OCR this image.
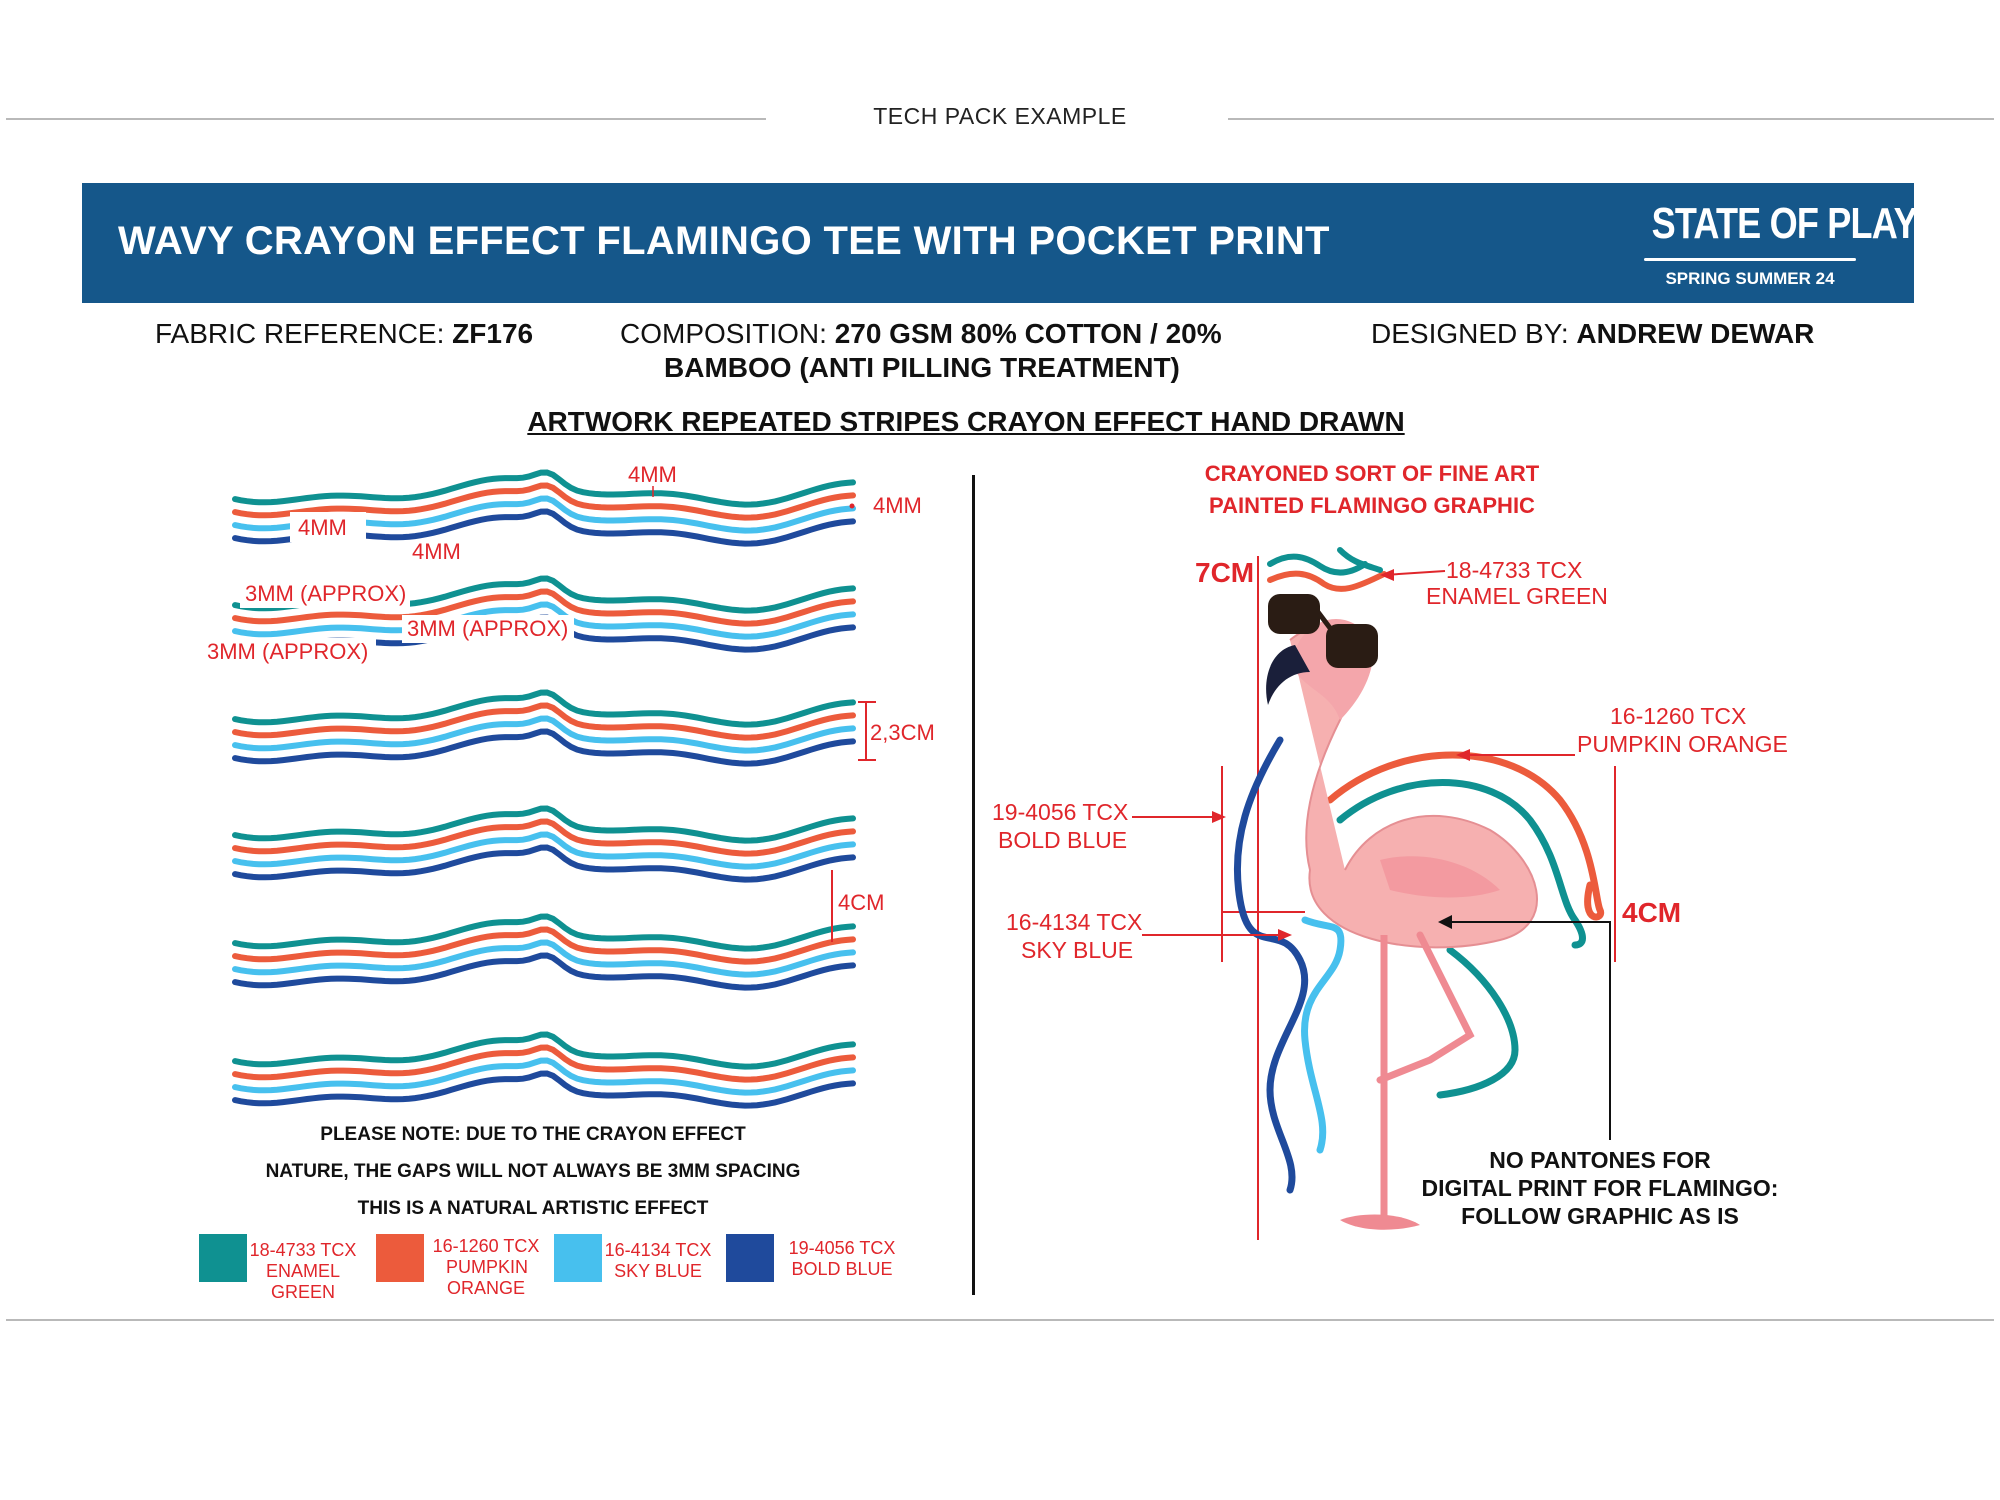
TECH PACK EXAMPLE
WAVY CRAYON EFFECT FLAMINGO TEE WITH POCKET PRINT	STATE OF PLAY
SPRING SUMMER 24
FABRIC REFERENCE: ZF176	COMPOSITION: 270 GSM 80% COTTON / 20%
BAMBOO (ANTI PILLING TREATMENT)
DESIGNED BY: ANDREW DEWAR
ARTWORK REPEATED STRIPES CRAYON EFFECT HAND DRAWN
4MM
4MM
4MM
4MM
3MM (APPROX)
3MM (APPROX)
3MM (APPROX)
2,3CM
4CM
CRAYONED SORT OF FINE ART
PAINTED FLAMINGO GRAPHIC
7CM
4CM
18-4733 TCX
ENAMEL GREEN
16-1260 TCX
PUMPKIN ORANGE
19-4056 TCX
BOLD BLUE
16-4134 TCX
SKY BLUE
PLEASE NOTE: DUE TO THE CRAYON EFFECT
NATURE, THE GAPS WILL NOT ALWAYS BE 3MM SPACING
THIS IS A NATURAL ARTISTIC EFFECT
18-4733 TCX
ENAMEL GREEN
16-1260 TCX
PUMPKIN ORANGE
16-4134 TCX
SKY BLUE
19-4056 TCX
BOLD BLUE
NO PANTONES FOR
DIGITAL PRINT FOR FLAMINGO:
FOLLOW GRAPHIC AS IS
